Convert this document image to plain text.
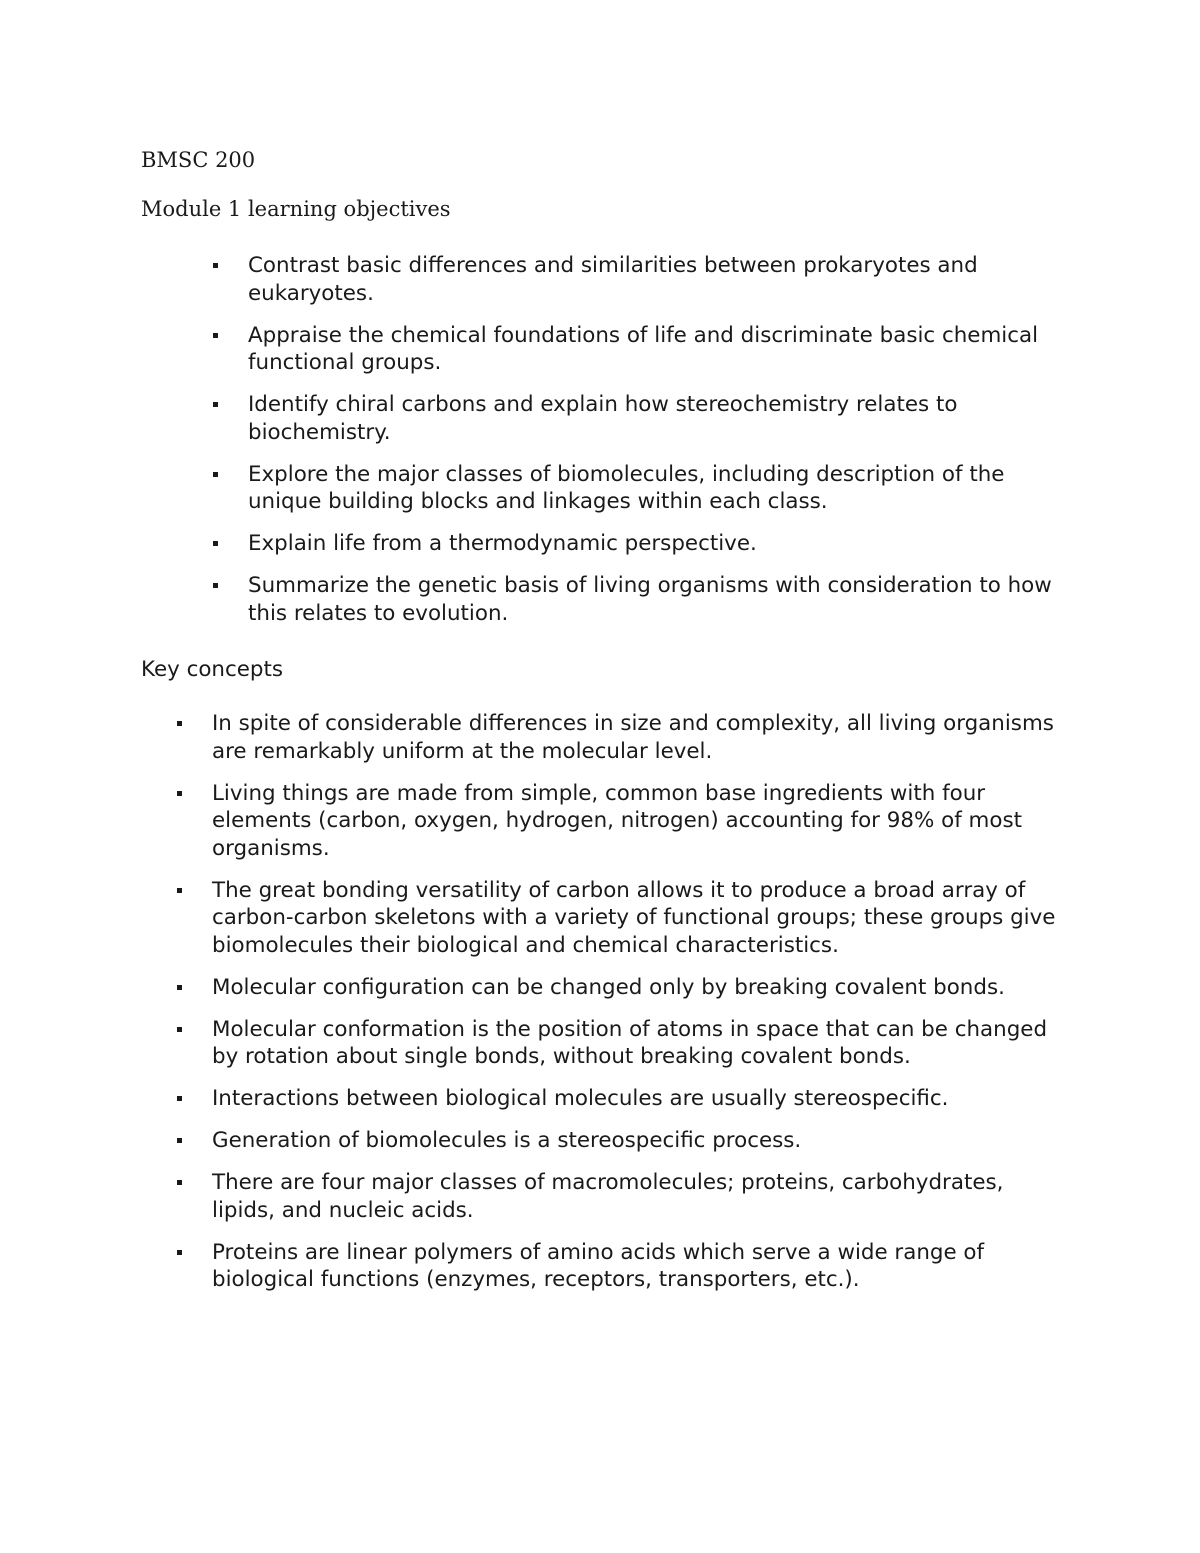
BMSC 200

Module 1 learning objectives

Contrast basic differences and similarities between prokaryotes and eukaryotes.
Appraise the chemical foundations of life and discriminate basic chemical functional groups.
Identify chiral carbons and explain how stereochemistry relates to biochemistry.
Explore the major classes of biomolecules, including description of the unique building blocks and linkages within each class.
Explain life from a thermodynamic perspective.
Summarize the genetic basis of living organisms with consideration to how this relates to evolution.

Key concepts

In spite of considerable differences in size and complexity, all living organisms are remarkably uniform at the molecular level.
Living things are made from simple, common base ingredients with four elements (carbon, oxygen, hydrogen, nitrogen) accounting for 98% of most organisms.
The great bonding versatility of carbon allows it to produce a broad array of carbon-carbon skeletons with a variety of functional groups; these groups give biomolecules their biological and chemical characteristics.
Molecular configuration can be changed only by breaking covalent bonds.
Molecular conformation is the position of atoms in space that can be changed by rotation about single bonds, without breaking covalent bonds.
Interactions between biological molecules are usually stereospecific.
Generation of biomolecules is a stereospecific process.
There are four major classes of macromolecules; proteins, carbohydrates, lipids, and nucleic acids.
Proteins are linear polymers of amino acids which serve a wide range of biological functions (enzymes, receptors, transporters, etc.).
